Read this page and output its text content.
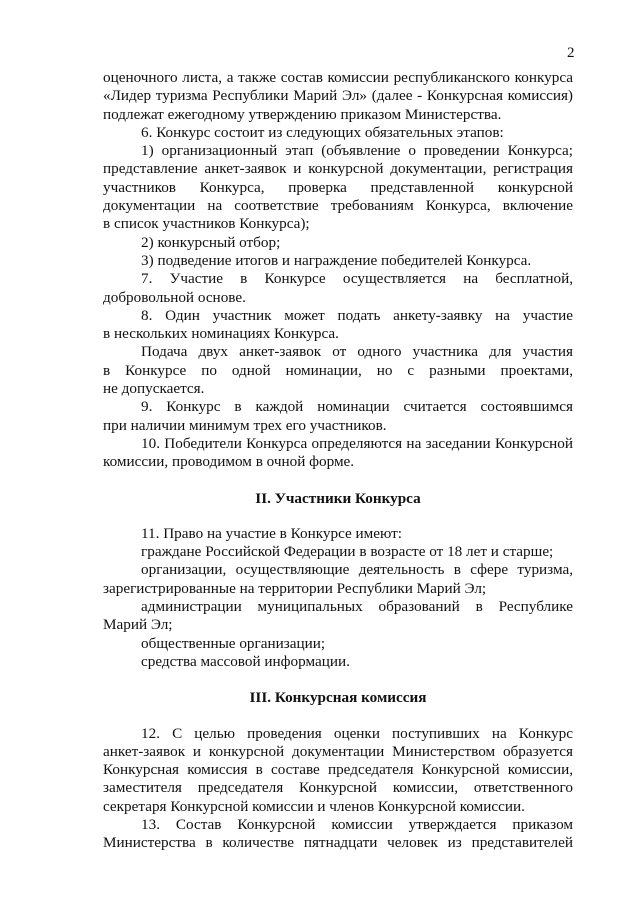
2
оценочного листа, а также состав комиссии республиканского конкурса
«Лидер туризма Республики Марий Эл» (далее - Конкурсная комиссия)
подлежат ежегодному утверждению приказом Министерства.
6. Конкурс состоит из следующих обязательных этапов:
1) организационный этап (объявление о проведении Конкурса;
представление анкет-заявок и конкурсной документации, регистрация
участников Конкурса, проверка представленной конкурсной
документации на соответствие требованиям Конкурса, включение
в список участников Конкурса);
2) конкурсный отбор;
3) подведение итогов и награждение победителей Конкурса.
7. Участие в Конкурсе осуществляется на бесплатной,
добровольной основе.
8. Один участник может подать анкету-заявку на участие
в нескольких номинациях Конкурса.
Подача двух анкет-заявок от одного участника для участия
в Конкурсе по одной номинации, но с разными проектами,
не допускается.
9. Конкурс в каждой номинации считается состоявшимся
при наличии минимум трех его участников.
10. Победители Конкурса определяются на заседании Конкурсной
комиссии, проводимом в очной форме.
II. Участники Конкурса
11. Право на участие в Конкурсе имеют:
граждане Российской Федерации в возрасте от 18 лет и старше;
организации, осуществляющие деятельность в сфере туризма,
зарегистрированные на территории Республики Марий Эл;
администрации муниципальных образований в Республике
Марий Эл;
общественные организации;
средства массовой информации.
III. Конкурсная комиссия
12. С целью проведения оценки поступивших на Конкурс
анкет-заявок и конкурсной документации Министерством образуется
Конкурсная комиссия в составе председателя Конкурсной комиссии,
заместителя председателя Конкурсной комиссии, ответственного
секретаря Конкурсной комиссии и членов Конкурсной комиссии.
13. Состав Конкурсной комиссии утверждается приказом
Министерства в количестве пятнадцати человек из представителей
